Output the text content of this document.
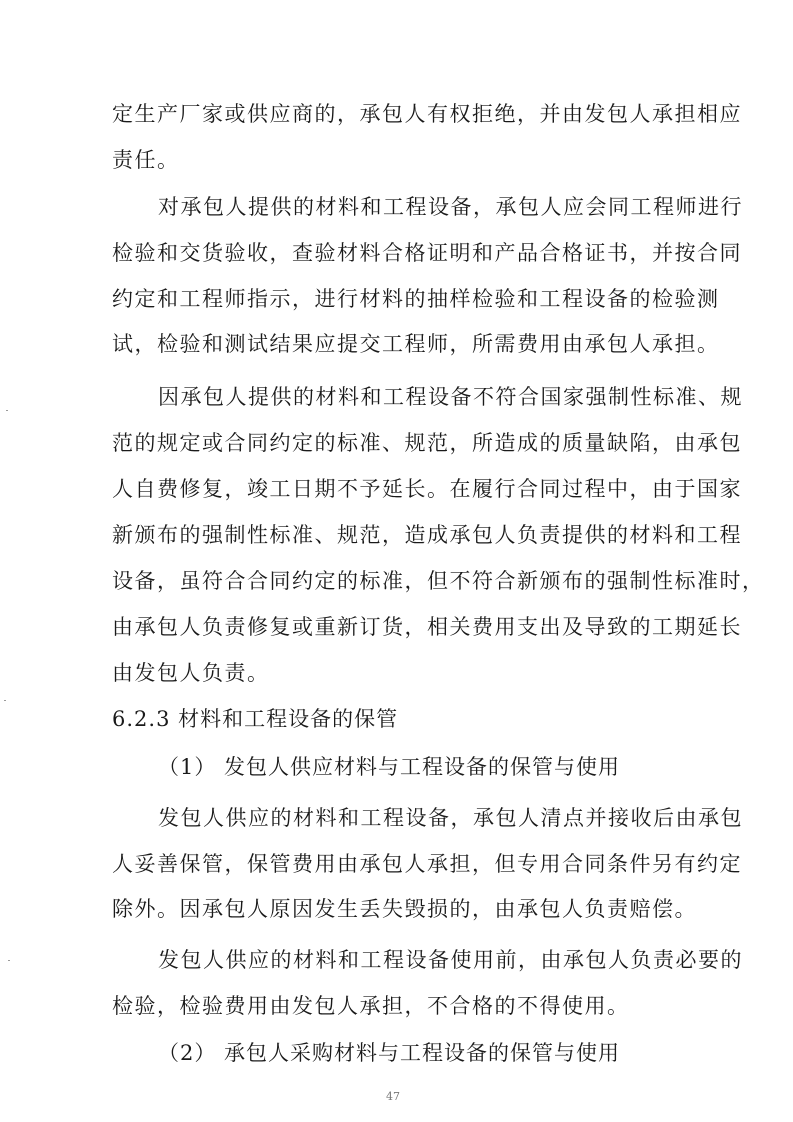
定生产厂家或供应商的，承包人有权拒绝，并由发包人承担相应
责任。
对承包人提供的材料和工程设备，承包人应会同工程师进行
检验和交货验收，查验材料合格证明和产品合格证书，并按合同
约定和工程师指示，进行材料的抽样检验和工程设备的检验测
试，检验和测试结果应提交工程师，所需费用由承包人承担。
因承包人提供的材料和工程设备不符合国家强制性标准、规
范的规定或合同约定的标准、规范，所造成的质量缺陷，由承包
人自费修复，竣工日期不予延长。在履行合同过程中，由于国家
新颁布的强制性标准、规范，造成承包人负责提供的材料和工程
设备，虽符合合同约定的标准，但不符合新颁布的强制性标准时，
由承包人负责修复或重新订货，相关费用支出及导致的工期延长
由发包人负责。
6.2.3 材料和工程设备的保管
（1） 发包人供应材料与工程设备的保管与使用
发包人供应的材料和工程设备，承包人清点并接收后由承包
人妥善保管，保管费用由承包人承担，但专用合同条件另有约定
除外。因承包人原因发生丢失毁损的，由承包人负责赔偿。
发包人供应的材料和工程设备使用前，由承包人负责必要的
检验，检验费用由发包人承担，不合格的不得使用。
（2） 承包人采购材料与工程设备的保管与使用
47
